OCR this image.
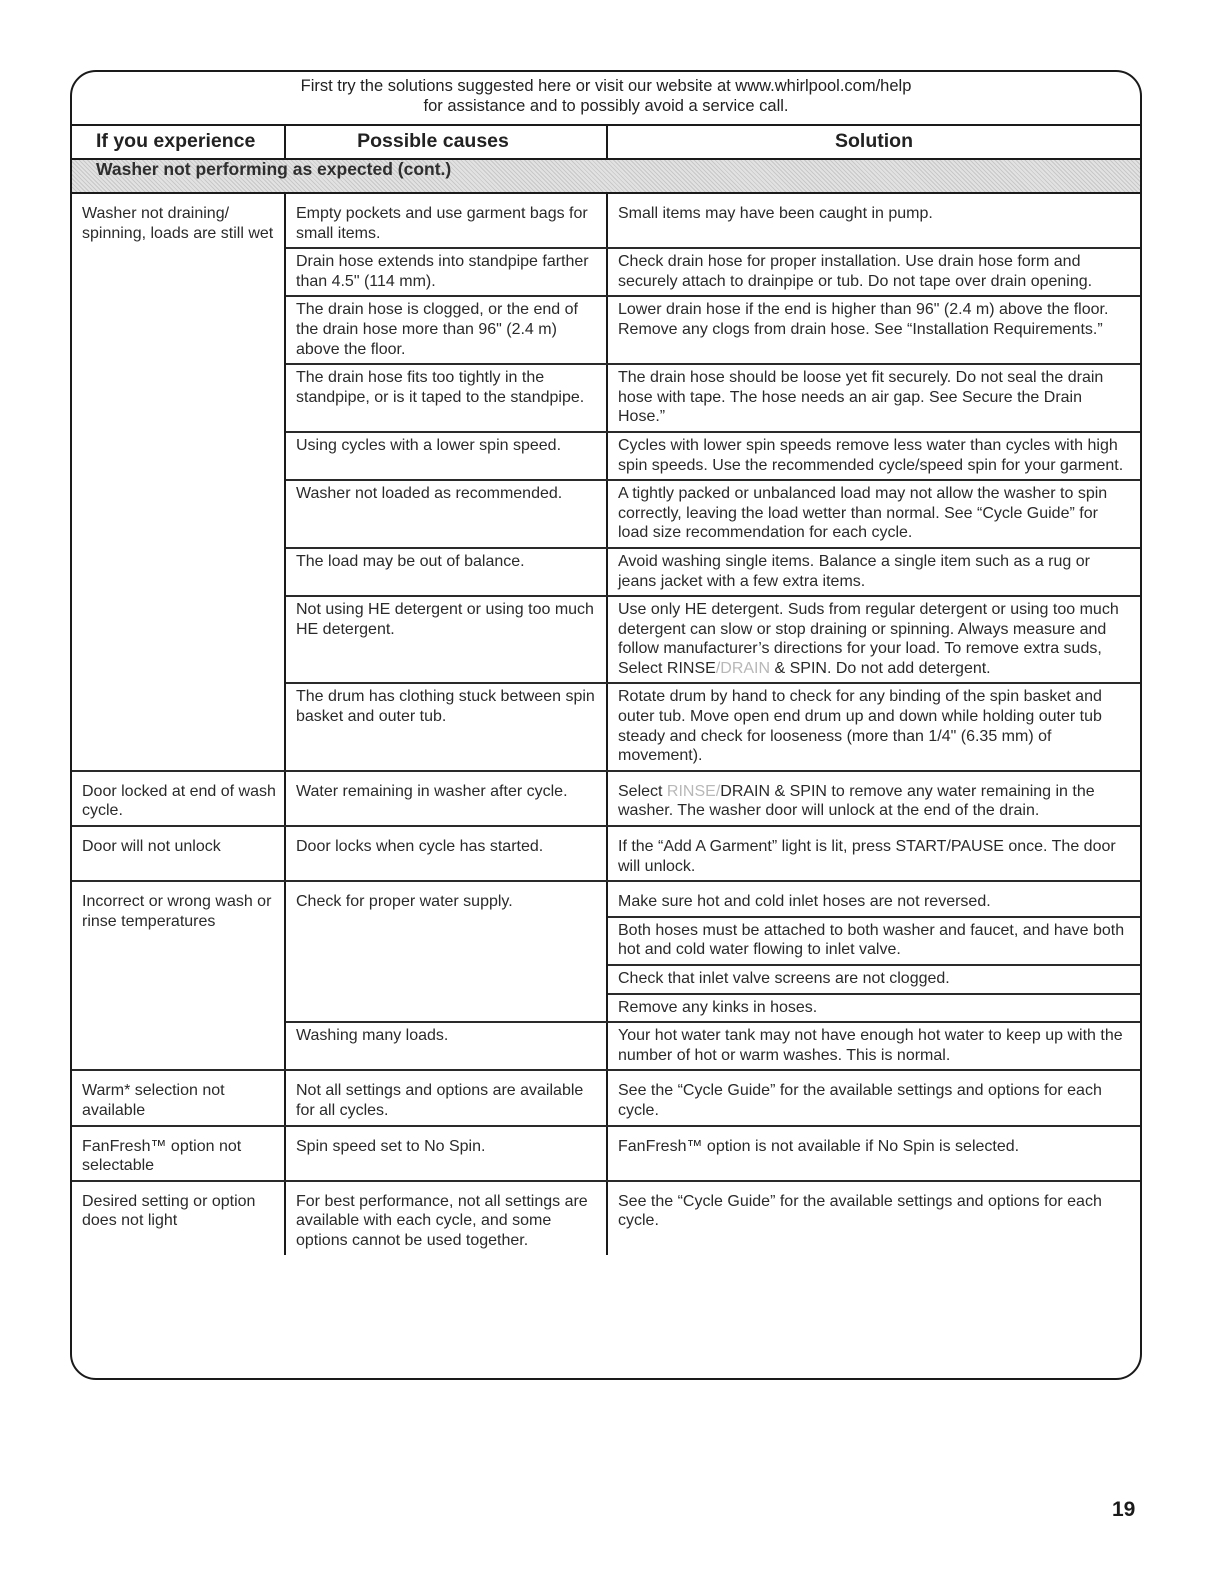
First try the solutions suggested here or visit our website at www.whirlpool.com/help
for assistance and to possibly avoid a service call.
If you experience	Possible causes	Solution
Washer not performing as expected (cont.)		
Washer not draining/ spinning, loads are still wet	Empty pockets and use garment bags for small items.	Small items may have been caught in pump.
	Drain hose extends into standpipe farther than 4.5" (114 mm).	Check drain hose for proper installation. Use drain hose form and securely attach to drainpipe or tub. Do not tape over drain opening.
	The drain hose is clogged, or the end of the drain hose more than 96" (2.4 m) above the floor.	Lower drain hose if the end is higher than 96" (2.4 m) above the floor. Remove any clogs from drain hose. See “Installation Requirements.”
	The drain hose fits too tightly in the standpipe, or is it taped to the standpipe.	The drain hose should be loose yet fit securely. Do not seal the drain hose with tape. The hose needs an air gap. See Secure the Drain Hose.”
	Using cycles with a lower spin speed.	Cycles with lower spin speeds remove less water than cycles with high spin speeds. Use the recommended cycle/speed spin for your garment.
	Washer not loaded as recommended.	A tightly packed or unbalanced load may not allow the washer to spin correctly, leaving the load wetter than normal. See “Cycle Guide” for load size recommendation for each cycle.
	The load may be out of balance.	Avoid washing single items. Balance a single item such as a rug or jeans jacket with a few extra items.
	Not using HE detergent or using too much HE detergent.	Use only HE detergent. Suds from regular detergent or using too much detergent can slow or stop draining or spinning. Always measure and follow manufacturer’s directions for your load. To remove extra suds, Select RINSE/DRAIN & SPIN. Do not add detergent.
	The drum has clothing stuck between spin basket and outer tub.	Rotate drum by hand to check for any binding of the spin basket and outer tub. Move open end drum up and down while holding outer tub steady and check for looseness (more than 1/4" (6.35 mm) of movement).
Door locked at end of wash cycle.	Water remaining in washer after cycle.	Select RINSE/DRAIN & SPIN to remove any water remaining in the washer. The washer door will unlock at the end of the drain.
Door will not unlock	Door locks when cycle has started.	If the “Add A Garment” light is lit, press START/PAUSE once. The door will unlock.
Incorrect or wrong wash or rinse temperatures	Check for proper water supply.	Make sure hot and cold inlet hoses are not reversed.
		Both hoses must be attached to both washer and faucet, and have both hot and cold water flowing to inlet valve.
		Check that inlet valve screens are not clogged.
		Remove any kinks in hoses.
	Washing many loads.	Your hot water tank may not have enough hot water to keep up with the number of hot or warm washes. This is normal.
Warm* selection not available	Not all settings and options are available for all cycles.	See the “Cycle Guide” for the available settings and options for each cycle.
FanFresh™ option not selectable	Spin speed set to No Spin.	FanFresh™ option is not available if No Spin is selected.
Desired setting or option does not light	For best performance, not all settings are available with each cycle, and some options cannot be used together.	See the “Cycle Guide” for the available settings and options for each cycle.
19
